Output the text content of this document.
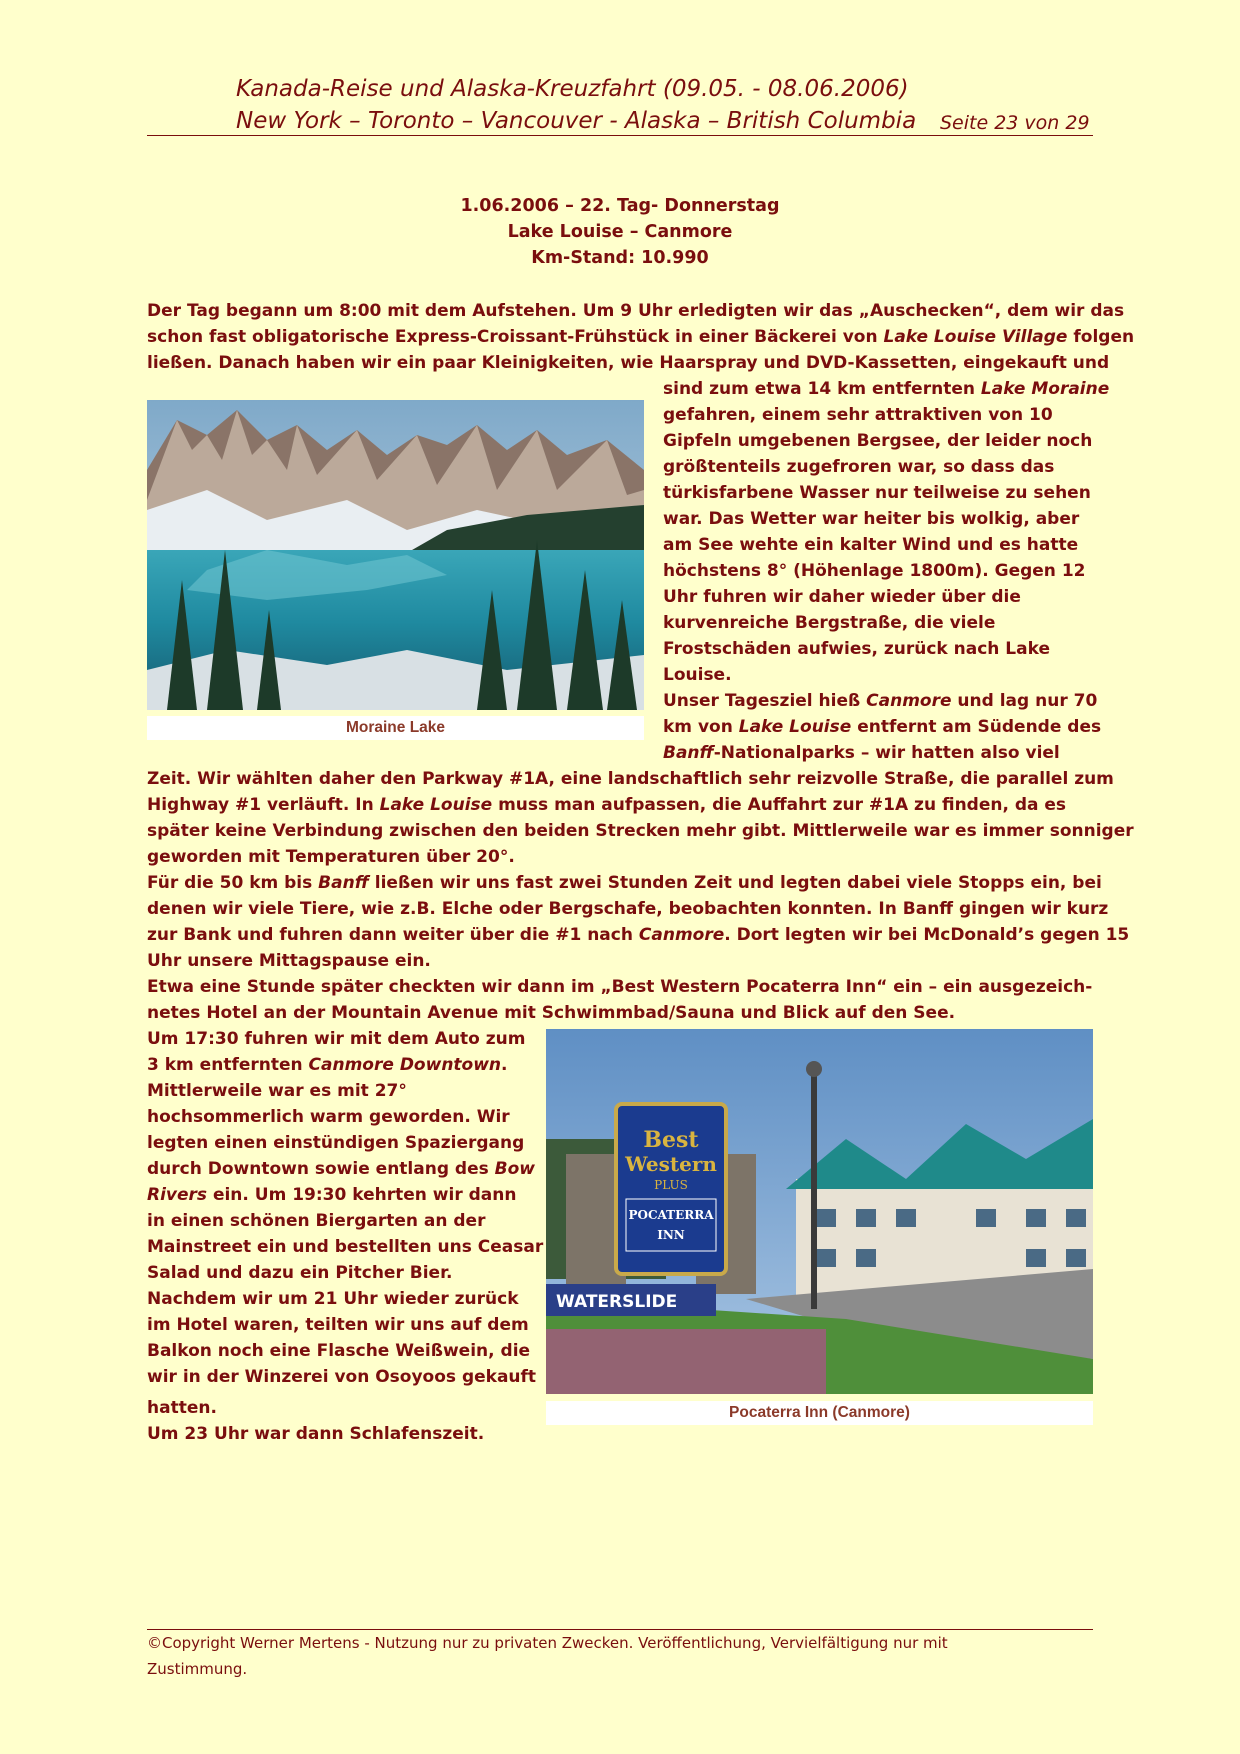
Kanada-Reise und Alaska-Kreuzfahrt (09.05. - 08.06.2006)
New York – Toronto – Vancouver - Alaska – British Columbia Seite 23 von 29
1.06.2006 – 22. Tag- Donnerstag
Lake Louise – Canmore
Km-Stand: 10.990
Der Tag begann um 8:00 mit dem Aufstehen. Um 9 Uhr erledigten wir das „Auschecken“, dem wir das
schon fast obligatorische Express-Croissant-Frühstück in einer Bäckerei von Lake Louise Village folgen
ließen. Danach haben wir ein paar Kleinigkeiten, wie Haarspray und DVD-Kassetten, eingekauft und
sind zum etwa 14 km entfernten Lake Moraine
gefahren, einem sehr attraktiven von 10
Gipfeln umgebenen Bergsee, der leider noch
größtenteils zugefroren war, so dass das
türkisfarbene Wasser nur teilweise zu sehen
war. Das Wetter war heiter bis wolkig, aber
am See wehte ein kalter Wind und es hatte
höchstens 8° (Höhenlage 1800m). Gegen 12
Uhr fuhren wir daher wieder über die
kurvenreiche Bergstraße, die viele
Frostschäden aufwies, zurück nach Lake
Louise.
Unser Tagesziel hieß Canmore und lag nur 70
km von Lake Louise entfernt am Südende des
Banff-Nationalparks – wir hatten also viel
Zeit. Wir wählten daher den Parkway #1A, eine landschaftlich sehr reizvolle Straße, die parallel zum
Highway #1 verläuft. In Lake Louise muss man aufpassen, die Auffahrt zur #1A zu finden, da es
später keine Verbindung zwischen den beiden Strecken mehr gibt. Mittlerweile war es immer sonniger
geworden mit Temperaturen über 20°.
Für die 50 km bis Banff ließen wir uns fast zwei Stunden Zeit und legten dabei viele Stopps ein, bei
denen wir viele Tiere, wie z.B. Elche oder Bergschafe, beobachten konnten. In Banff gingen wir kurz
zur Bank und fuhren dann weiter über die #1 nach Canmore. Dort legten wir bei McDonald’s gegen 15
Uhr unsere Mittagspause ein.
Etwa eine Stunde später checkten wir dann im „Best Western Pocaterra Inn“ ein – ein ausgezeich-
netes Hotel an der Mountain Avenue mit Schwimmbad/Sauna und Blick auf den See.
Um 17:30 fuhren wir mit dem Auto zum
3 km entfernten Canmore Downtown.
Mittlerweile war es mit 27°
hochsommerlich warm geworden. Wir
legten einen einstündigen Spaziergang
durch Downtown sowie entlang des Bow
Rivers ein. Um 19:30 kehrten wir dann
in einen schönen Biergarten an der
Mainstreet ein und bestellten uns Ceasar
Salad und dazu ein Pitcher Bier.
Nachdem wir um 21 Uhr wieder zurück
im Hotel waren, teilten wir uns auf dem
Balkon noch eine Flasche Weißwein, die
wir in der Winzerei von Osoyoos gekauft
hatten.
Um 23 Uhr war dann Schlafenszeit.
Moraine Lake
Best
Western
PLUS
POCATERRA
INN
WATERSLIDE
Pocaterra Inn (Canmore)
©Copyright Werner Mertens - Nutzung nur zu privaten Zwecken. Veröffentlichung, Vervielfältigung nur mit
Zustimmung.
